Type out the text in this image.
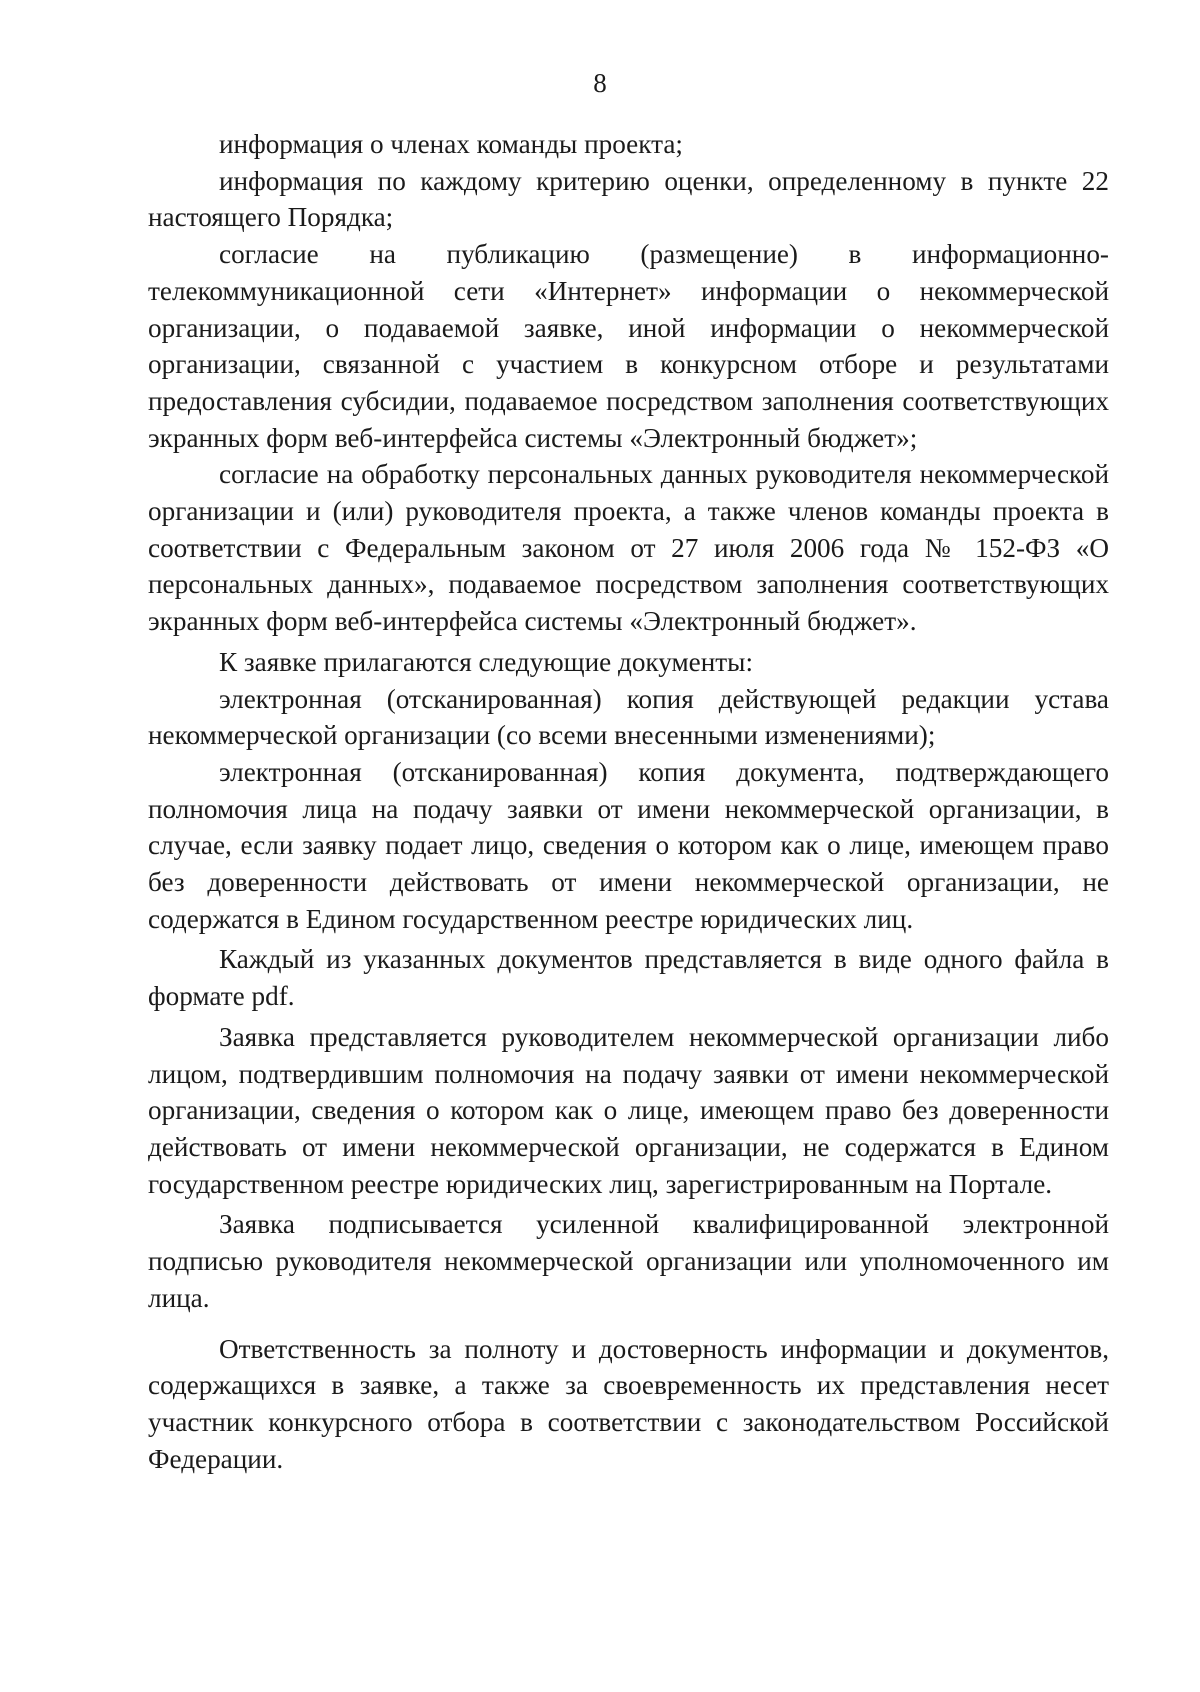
8

информация о членах команды проекта;

информация по каждому критерию оценки, определенному в пункте 22 настоящего Порядка;

согласие на публикацию (размещение) в информационно-телекоммуникационной сети «Интернет» информации о некоммерческой организации, о подаваемой заявке, иной информации о некоммерческой организации, связанной с участием в конкурсном отборе и результатами предоставления субсидии, подаваемое посредством заполнения соответствующих экранных форм веб-интерфейса системы «Электронный бюджет»;

согласие на обработку персональных данных руководителя некоммерческой организации и (или) руководителя проекта, а также членов команды проекта в соответствии с Федеральным законом от 27 июля 2006 года № 152-ФЗ «О персональных данных», подаваемое посредством заполнения соответствующих экранных форм веб-интерфейса системы «Электронный бюджет».

К заявке прилагаются следующие документы:

электронная (отсканированная) копия действующей редакции устава некоммерческой организации (со всеми внесенными изменениями);

электронная (отсканированная) копия документа, подтверждающего полномочия лица на подачу заявки от имени некоммерческой организации, в случае, если заявку подает лицо, сведения о котором как о лице, имеющем право без доверенности действовать от имени некоммерческой организации, не содержатся в Едином государственном реестре юридических лиц.

Каждый из указанных документов представляется в виде одного файла в формате pdf.

Заявка представляется руководителем некоммерческой организации либо лицом, подтвердившим полномочия на подачу заявки от имени некоммерческой организации, сведения о котором как о лице, имеющем право без доверенности действовать от имени некоммерческой организации, не содержатся в Едином государственном реестре юридических лиц, зарегистрированным на Портале.

Заявка подписывается усиленной квалифицированной электронной подписью руководителя некоммерческой организации или уполномоченного им лица.

Ответственность за полноту и достоверность информации и документов, содержащихся в заявке, а также за своевременность их представления несет участник конкурсного отбора в соответствии с законодательством Российской Федерации.
